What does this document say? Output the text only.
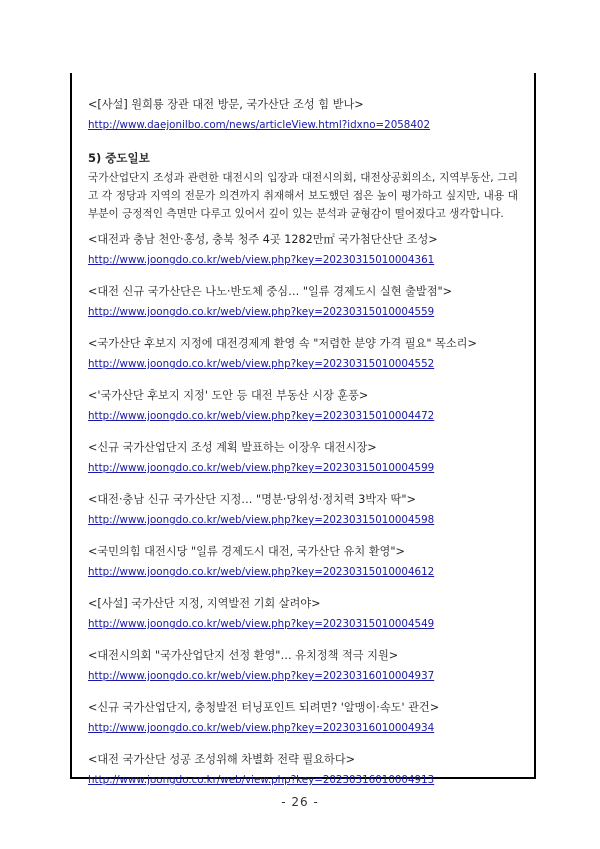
<[사설] 원희룡 장관 대전 방문, 국가산단 조성 힘 받나>
http://www.daejonilbo.com/news/articleView.html?idxno=2058402
5) 중도일보
국가산업단지 조성과 관련한 대전시의 입장과 대전시의회, 대전상공회의소, 지역부동산, 그리고 각 정당과 지역의 전문가 의견까지 취재해서 보도했던 점은 높이 평가하고 싶지만, 내용 대부분이 긍정적인 측면만 다루고 있어서 깊이 있는 분석과 균형감이 떨어졌다고 생각합니다.
<대전과 충남 천안·홍성, 충북 청주 4곳 1282만㎡ 국가첨단산단 조성>
http://www.joongdo.co.kr/web/view.php?key=20230315010004361
<대전 신규 국가산단은 나노·반도체 중심… "일류 경제도시 실현 출발점">
http://www.joongdo.co.kr/web/view.php?key=20230315010004559
<국가산단 후보지 지정에 대전경제계 환영 속 "저렴한 분양 가격 필요" 목소리>
http://www.joongdo.co.kr/web/view.php?key=20230315010004552
<'국가산단 후보지 지정' 도안 등 대전 부동산 시장 훈풍>
http://www.joongdo.co.kr/web/view.php?key=20230315010004472
<신규 국가산업단지 조성 계획 발표하는 이장우 대전시장>
http://www.joongdo.co.kr/web/view.php?key=20230315010004599
<대전·충남 신규 국가산단 지정… "명분·당위성·정치력 3박자 딱">
http://www.joongdo.co.kr/web/view.php?key=20230315010004598
<국민의힘 대전시당 "일류 경제도시 대전, 국가산단 유치 환영">
http://www.joongdo.co.kr/web/view.php?key=20230315010004612
<[사설] 국가산단 지정, 지역발전 기회 살려야>
http://www.joongdo.co.kr/web/view.php?key=20230315010004549
<대전시의회 "국가산업단지 선정 환영"… 유치정책 적극 지원>
http://www.joongdo.co.kr/web/view.php?key=20230316010004937
<신규 국가산업단지, 충청발전 터닝포인트 되려면? '알맹이·속도' 관건>
http://www.joongdo.co.kr/web/view.php?key=20230316010004934
<대전 국가산단 성공 조성위해 차별화 전략 필요하다>
http://www.joongdo.co.kr/web/view.php?key=20230316010004913
- 26 -
